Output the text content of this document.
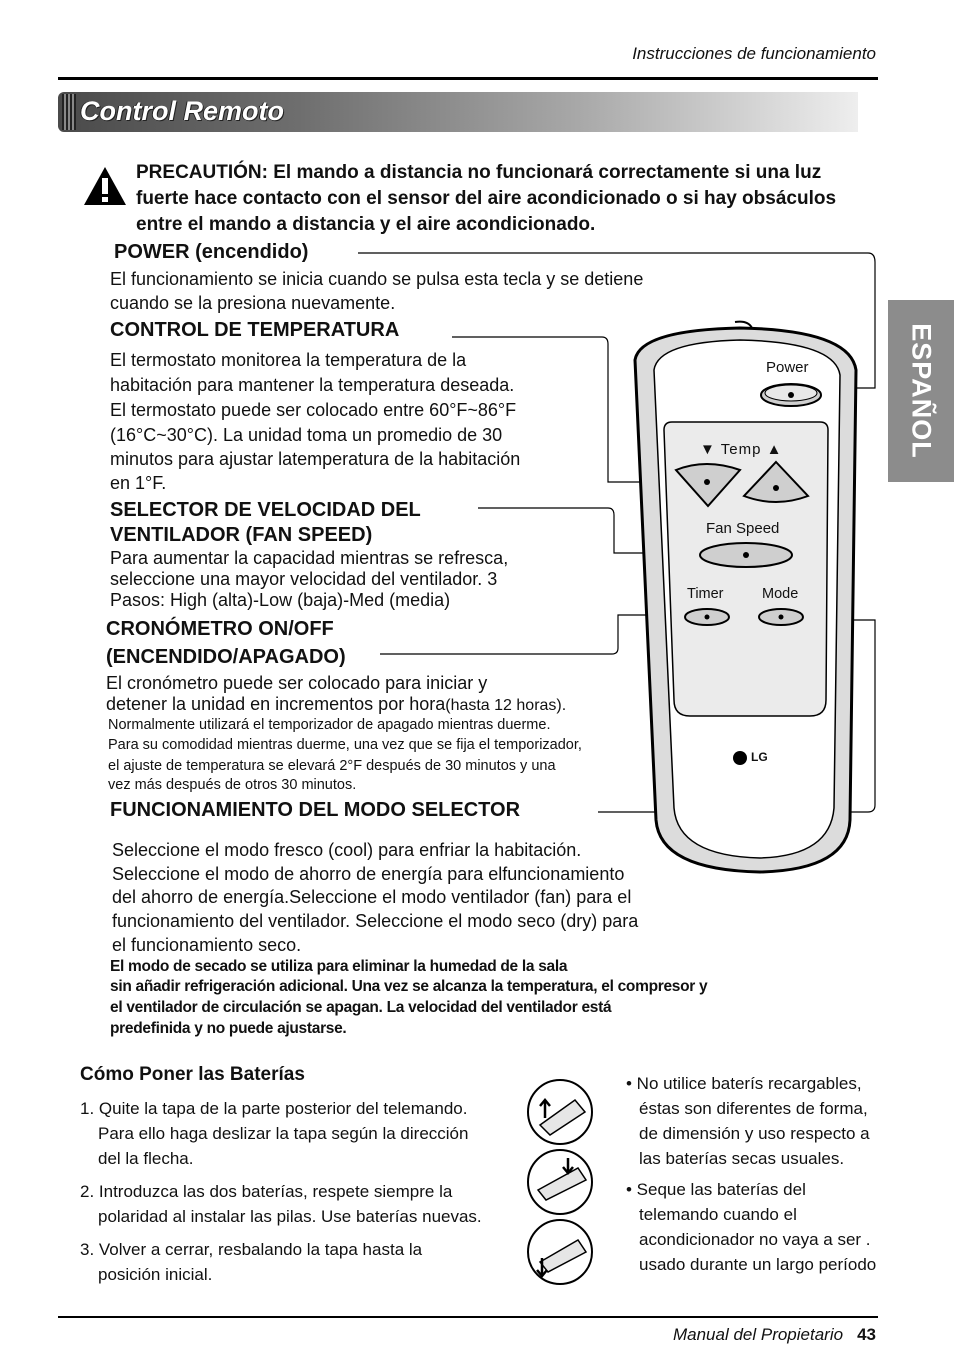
Instrucciones de funcionamiento
Control Remoto
ESPAÑOL
PRECAUTIÓN: El mando a distancia no funcionará correctamente si una luz fuerte hace contacto con el sensor del aire acondicionado o si hay obsáculos entre el mando a distancia y el aire acondicionado.
POWER (encendido)
El funcionamiento se inicia cuando se pulsa esta tecla y se detiene
cuando se la presiona nuevamente.
CONTROL DE TEMPERATURA
El termostato monitorea la temperatura de la
habitación para mantener la temperatura deseada.
El termostato puede ser colocado entre 60°F~86°F
(16°C~30°C). La unidad toma un promedio de 30
minutos para ajustar latemperatura de la habitación
en 1°F.
SELECTOR DE VELOCIDAD DEL
VENTILADOR (FAN SPEED)
Para aumentar la capacidad mientras se refresca,
seleccione una mayor velocidad del ventilador. 3
Pasos: High (alta)-Low (baja)-Med (media)
CRONÓMETRO ON/OFF
(ENCENDIDO/APAGADO)
El cronómetro puede ser colocado para iniciar y
detener la unidad en incrementos por hora(hasta 12 horas).
Normalmente utilizará el temporizador de apagado mientras duerme.
Para su comodidad mientras duerme, una vez que se fija el temporizador,
el ajuste de temperatura se elevará 2°F después de 30 minutos y una
vez más después de otros 30 minutos.
FUNCIONAMIENTO DEL MODO SELECTOR
Seleccione el modo fresco (cool) para enfriar la habitación.
Seleccione el modo de ahorro de energía para elfuncionamiento
del ahorro de energía.Seleccione el modo ventilador (fan) para el
funcionamiento del ventilador. Seleccione el modo seco (dry) para
el funcionamiento seco.
El modo de secado se utiliza para eliminar la humedad de la sala
sin añadir refrigeración adicional. Una vez se alcanza la temperatura, el compresor y
el ventilador de circulación se apagan. La velocidad del ventilador está
predefinida y no puede ajustarse.
Power
▼ Temp ▲
Fan Speed
Timer	Mode
LG
Cómo Poner las Baterías
1. Quite la tapa de la parte posterior del telemando.
Para ello haga deslizar la tapa según la dirección
del la flecha.
2. Introduzca las dos baterías, respete siempre la
polaridad al instalar las pilas. Use baterías nuevas.
3. Volver a cerrar, resbalando la tapa hasta la
posición inicial.
• No utilice baterís recargables,
éstas son diferentes de forma,
de dimensión y uso respecto a
las baterías secas usuales.
• Seque las baterías del
telemando cuando el
acondicionador no vaya a ser .
usado durante un largo período
Manual del Propietario 43
